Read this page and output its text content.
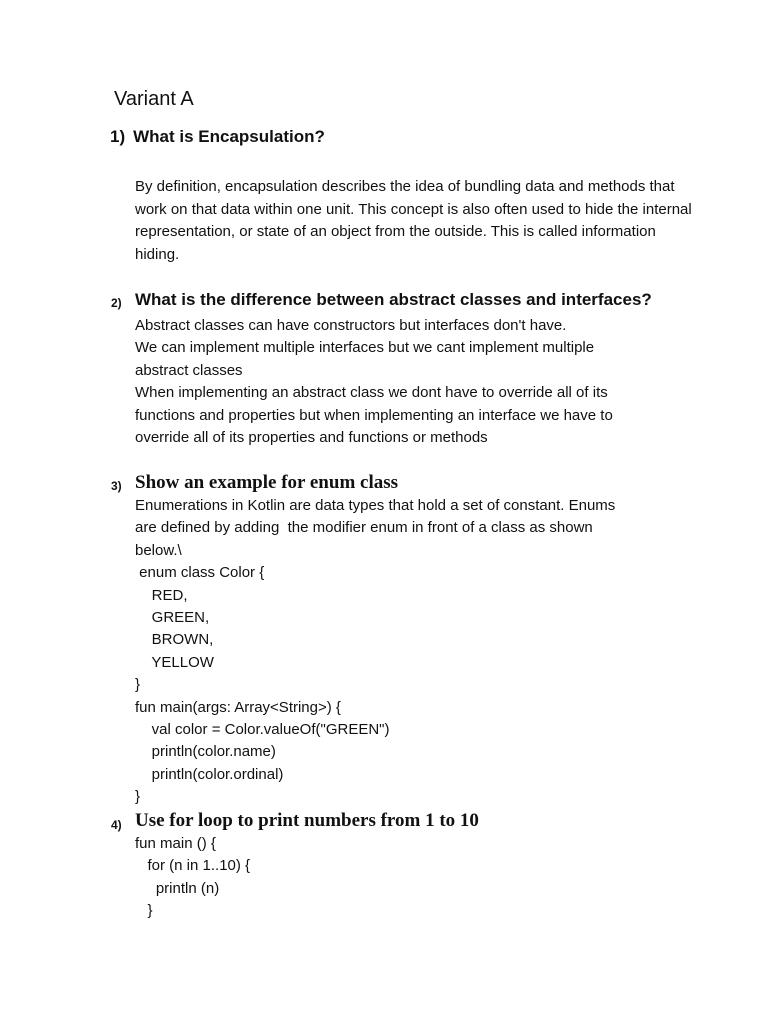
Variant A
1) What is Encapsulation?

By definition, encapsulation describes the idea of bundling data and methods that work on that data within one unit. This concept is also often used to hide the internal representation, or state of an object from the outside. This is called information hiding.

2) What is the difference between abstract classes and interfaces?
Abstract classes can have constructors but interfaces don't have.
We can implement multiple interfaces but we cant implement multiple
abstract classes
When implementing an abstract class we dont have to override all of its
functions and properties but when implementing an interface we have to
override all of its properties and functions or methods
3) Show an example for enum class
Enumerations in Kotlin are data types that hold a set of constant. Enums
are defined by adding  the modifier enum in front of a class as shown
below.\
enum class Color {
RED,
GREEN,
BROWN,
YELLOW
}
fun main(args: Array<String>) {
val color = Color.valueOf("GREEN")
println(color.name)
println(color.ordinal)
}
4) Use for loop to print numbers from 1 to 10
fun main () {
for (n in 1..10) {
println (n)
}
